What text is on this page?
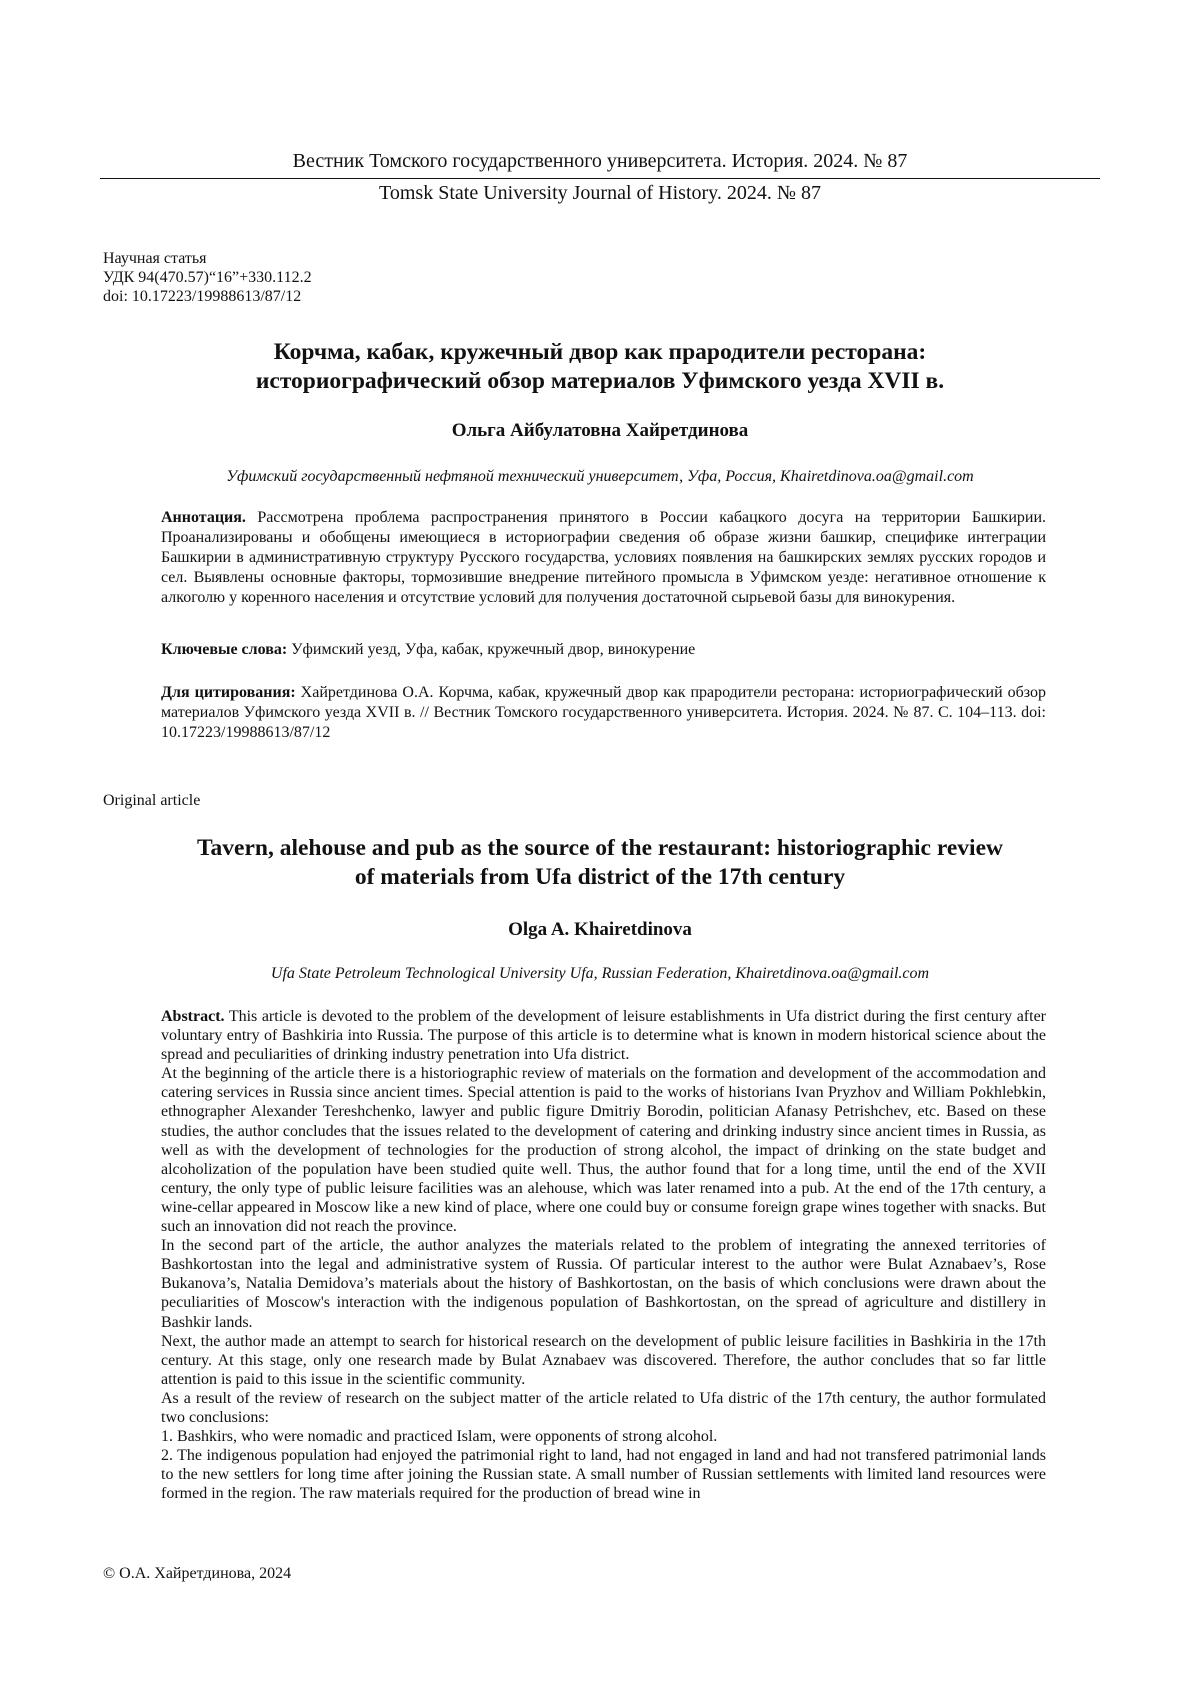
Вестник Томского государственного университета. История. 2024. № 87
Tomsk State University Journal of History. 2024. № 87
Научная статья
УДК 94(470.57)“16”+330.112.2
doi: 10.17223/19988613/87/12
Корчма, кабак, кружечный двор как прародители ресторана:
историографический обзор материалов Уфимского уезда XVII в.
Ольга Айбулатовна Хайретдинова
Уфимский государственный нефтяной технический университет, Уфа, Россия, Khairetdinova.oa@gmail.com
Аннотация. Рассмотрена проблема распространения принятого в России кабацкого досуга на территории Башкирии. Проанализированы и обобщены имеющиеся в историографии сведения об образе жизни башкир, специфике интеграции Башкирии в административную структуру Русского государства, условиях появления на башкирских землях русских городов и сел. Выявлены основные факторы, тормозившие внедрение питейного промысла в Уфимском уезде: негативное отношение к алкоголю у коренного населения и отсутствие условий для получения достаточной сырьевой базы для винокурения.
Ключевые слова: Уфимский уезд, Уфа, кабак, кружечный двор, винокурение
Для цитирования: Хайретдинова О.А. Корчма, кабак, кружечный двор как прародители ресторана: историографический обзор материалов Уфимского уезда XVII в. // Вестник Томского государственного университета. История. 2024. № 87. С. 104–113. doi: 10.17223/19988613/87/12
Original article
Tavern, alehouse and pub as the source of the restaurant: historiographic review
of materials from Ufa district of the 17th century
Olga A. Khairetdinova
Ufa State Petroleum Technological University Ufa, Russian Federation, Khairetdinova.oa@gmail.com

Abstract. This article is devoted to the problem of the development of leisure establishments in Ufa district during the first century after voluntary entry of Bashkiria into Russia. The purpose of this article is to determine what is known in modern historical science about the spread and peculiarities of drinking industry penetration into Ufa district.

At the beginning of the article there is a historiographic review of materials on the formation and development of the accommodation and catering services in Russia since ancient times. Special attention is paid to the works of historians Ivan Pryzhov and William Pokhlebkin, ethnographer Alexander Tereshchenko, lawyer and public figure Dmitriy Borodin, politician Afanasy Petrishchev, etc. Based on these studies, the author concludes that the issues related to the development of catering and drinking industry since ancient times in Russia, as well as with the development of technologies for the production of strong alcohol, the impact of drinking on the state budget and alcoholization of the population have been studied quite well. Thus, the author found that for a long time, until the end of the XVII century, the only type of public leisure facilities was an alehouse, which was later renamed into a pub. At the end of the 17th century, a wine-cellar appeared in Moscow like a new kind of place, where one could buy or consume foreign grape wines together with snacks. But such an innovation did not reach the province.

In the second part of the article, the author analyzes the materials related to the problem of integrating the annexed territories of Bashkortostan into the legal and administrative system of Russia. Of particular interest to the author were Bulat Aznabaev’s, Rose Bukanova’s, Natalia Demidova’s materials about the history of Bashkortostan, on the basis of which conclusions were drawn about the peculiarities of Moscow's interaction with the indigenous population of Bashkortostan, on the spread of agriculture and distillery in Bashkir lands.

Next, the author made an attempt to search for historical research on the development of public leisure facilities in Bashkiria in the 17th century. At this stage, only one research made by Bulat Aznabaev was discovered. Therefore, the author concludes that so far little attention is paid to this issue in the scientific community.

As a result of the review of research on the subject matter of the article related to Ufa distric of the 17th century, the author formulated two conclusions:

1. Bashkirs, who were nomadic and practiced Islam, were opponents of strong alcohol.

2. The indigenous population had enjoyed the patrimonial right to land, had not engaged in land and had not transfered patrimonial lands to the new settlers for long time after joining the Russian state. A small number of Russian settlements with limited land resources were formed in the region. The raw materials required for the production of bread wine in

© О.А. Хайретдинова, 2024
